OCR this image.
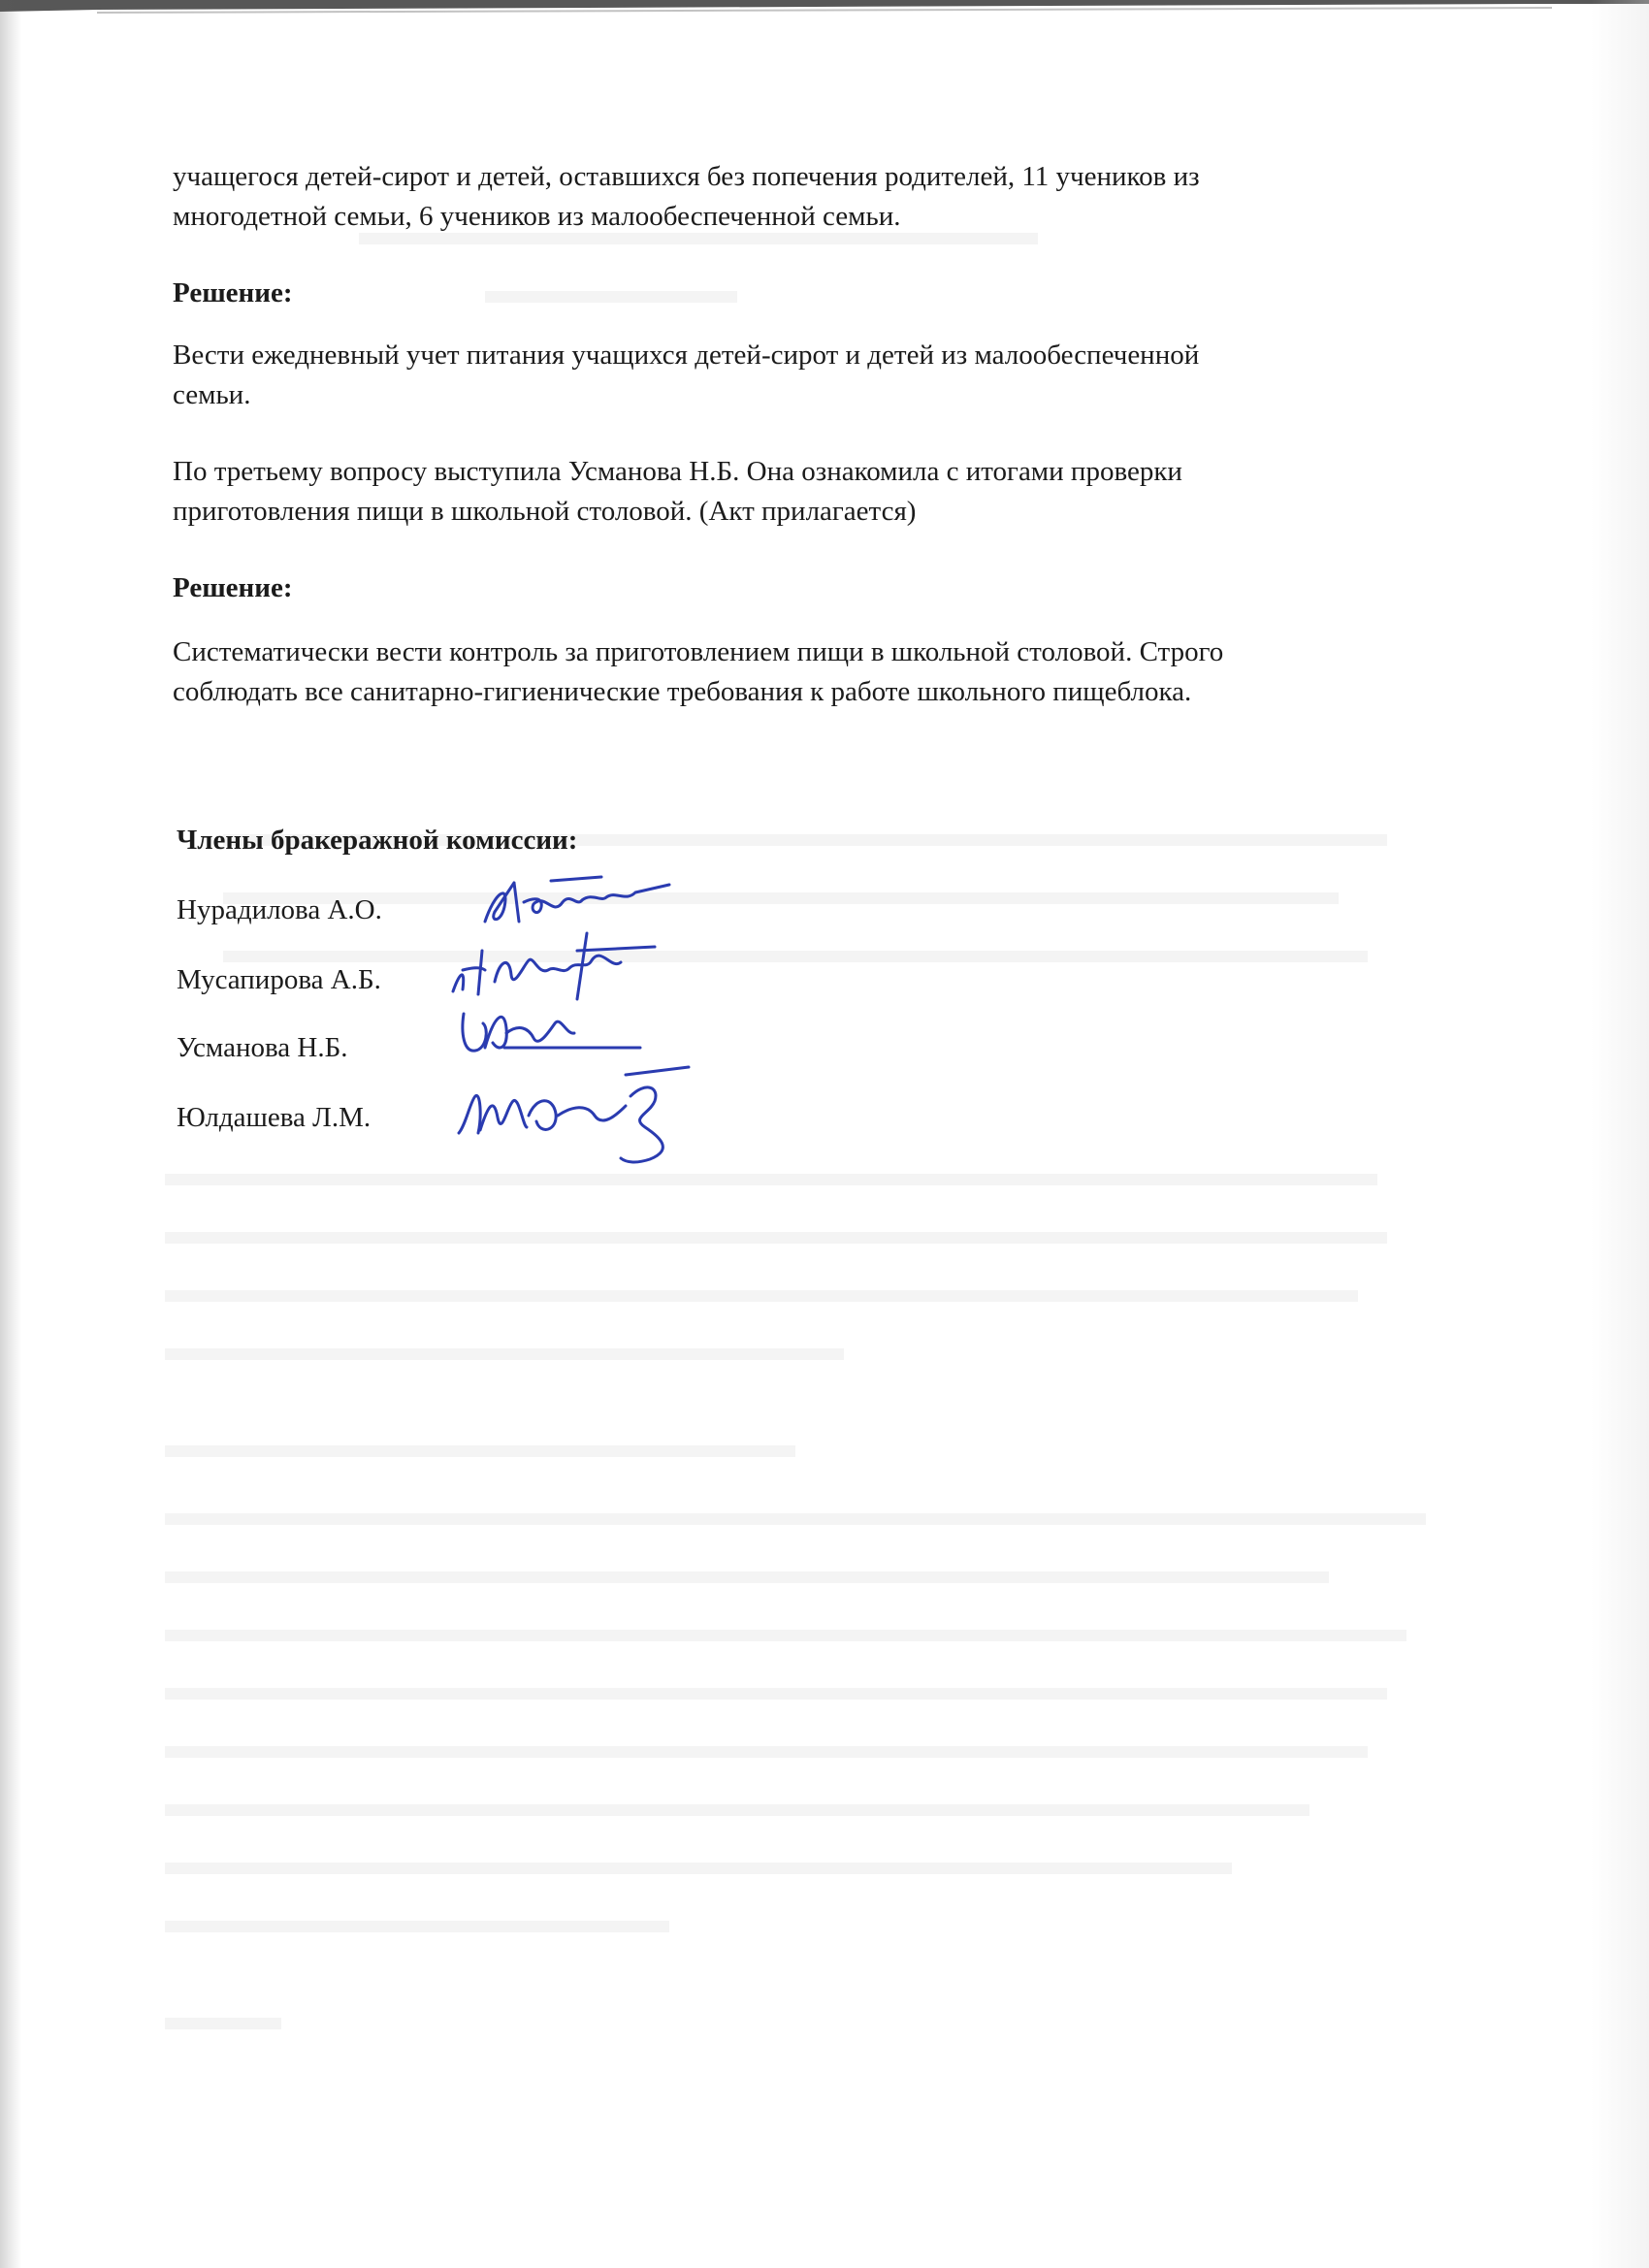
учащегося детей-сирот и детей, оставшихся без попечения родителей, 11 учеников из
многодетной семьи, 6 учеников из малообеспеченной семьи.

Решение:

Вести ежедневный учет питания учащихся детей-сирот и детей из малообеспеченной
семьи.

По третьему вопросу выступила Усманова Н.Б. Она ознакомила с итогами проверки
приготовления пищи в школьной столовой. (Акт прилагается)

Решение:

Систематически вести контроль за приготовлением пищи в школьной столовой. Строго
соблюдать все санитарно-гигиенические требования к работе школьного пищеблока.

Члены бракеражной комиссии:

Нурадилова А.О.

Мусапирова А.Б.

Усманова Н.Б.

Юлдашева Л.М.
